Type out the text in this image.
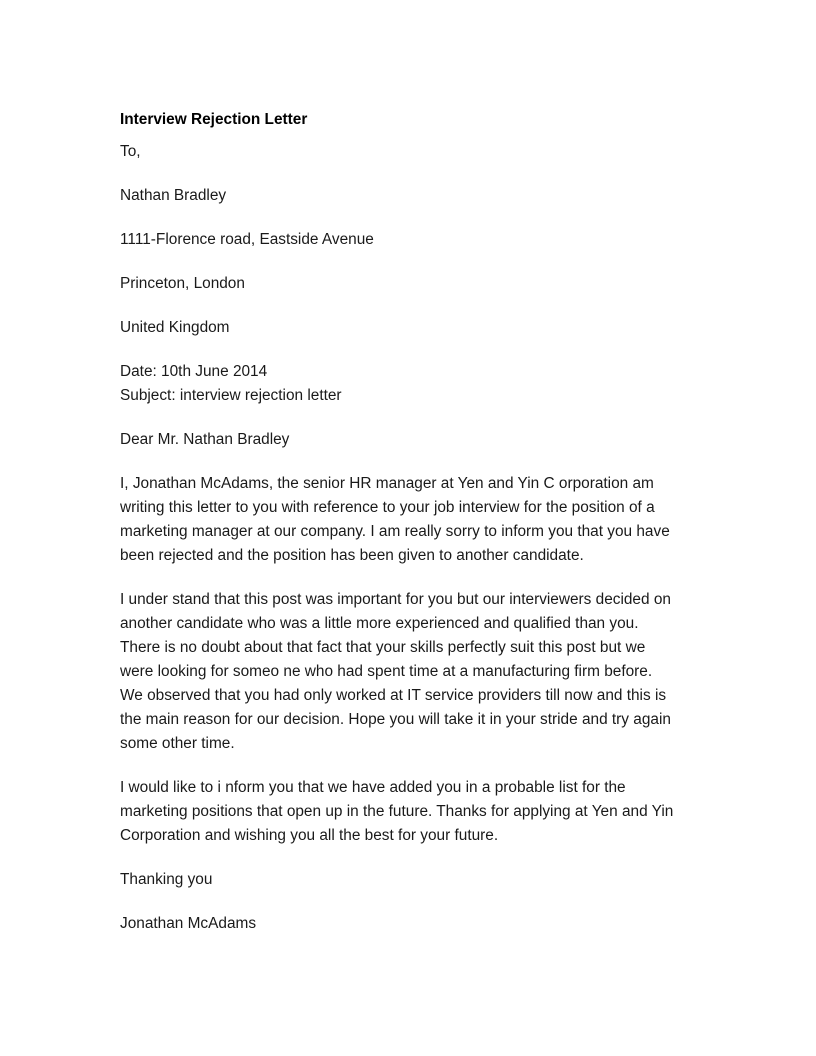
Interview Rejection Letter

To,

Nathan Bradley

1111-Florence road, Eastside Avenue

Princeton, London

United Kingdom

Date: 10th June 2014

Subject: interview rejection letter

Dear Mr. Nathan Bradley

I, Jonathan McAdams, the senior HR manager at Yen and Yin C orporation am
writing this letter to you with reference to your job interview for the position of a
marketing manager at our company. I am really sorry to inform you that you have
been rejected and the position has been given to another candidate.
I under stand that this post was important for you but our interviewers decided on
another candidate who was a little more experienced and qualified than you.
There is no doubt about that fact that your skills perfectly suit this post but we
were looking for someo ne who had spent time at a manufacturing firm before.
We observed that you had only worked at IT service providers till now and this is
the main reason for our decision. Hope you will take it in your stride and try again
some other time.
I would like to i nform you that we have added you in a probable list for the
marketing positions that open up in the future. Thanks for applying at Yen and Yin
Corporation and wishing you all the best for your future.

Thanking you

Jonathan McAdams
